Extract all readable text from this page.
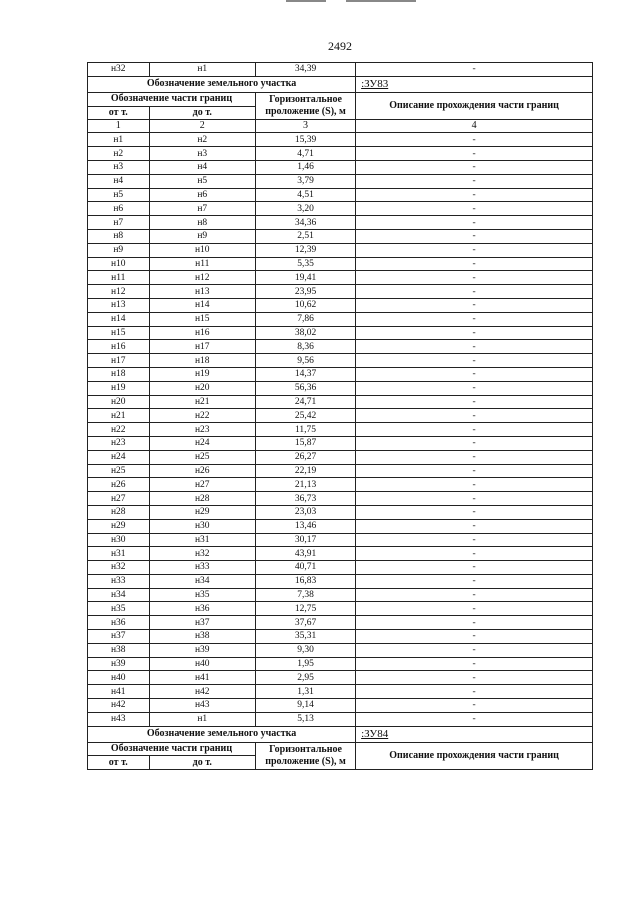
2492
н32	н1	34,39	-
Обозначение земельного участка			:ЗУ83
Обозначение части границ		Горизонтальное проложение (S), м	Описание прохождения части границ
от т.	до т.		
1	2	3	4
н1	н2	15,39	-
н2	н3	4,71	-
н3	н4	1,46	-
н4	н5	3,79	-
н5	н6	4,51	-
н6	н7	3,20	-
н7	н8	34,36	-
н8	н9	2,51	-
н9	н10	12,39	-
н10	н11	5,35	-
н11	н12	19,41	-
н12	н13	23,95	-
н13	н14	10,62	-
н14	н15	7,86	-
н15	н16	38,02	-
н16	н17	8,36	-
н17	н18	9,56	-
н18	н19	14,37	-
н19	н20	56,36	-
н20	н21	24,71	-
н21	н22	25,42	-
н22	н23	11,75	-
н23	н24	15,87	-
н24	н25	26,27	-
н25	н26	22,19	-
н26	н27	21,13	-
н27	н28	36,73	-
н28	н29	23,03	-
н29	н30	13,46	-
н30	н31	30,17	-
н31	н32	43,91	-
н32	н33	40,71	-
н33	н34	16,83	-
н34	н35	7,38	-
н35	н36	12,75	-
н36	н37	37,67	-
н37	н38	35,31	-
н38	н39	9,30	-
н39	н40	1,95	-
н40	н41	2,95	-
н41	н42	1,31	-
н42	н43	9,14	-
н43	н1	5,13	-
Обозначение земельного участка			:ЗУ84
Обозначение части границ		Горизонтальное проложение (S), м	Описание прохождения части границ
от т.	до т.		
